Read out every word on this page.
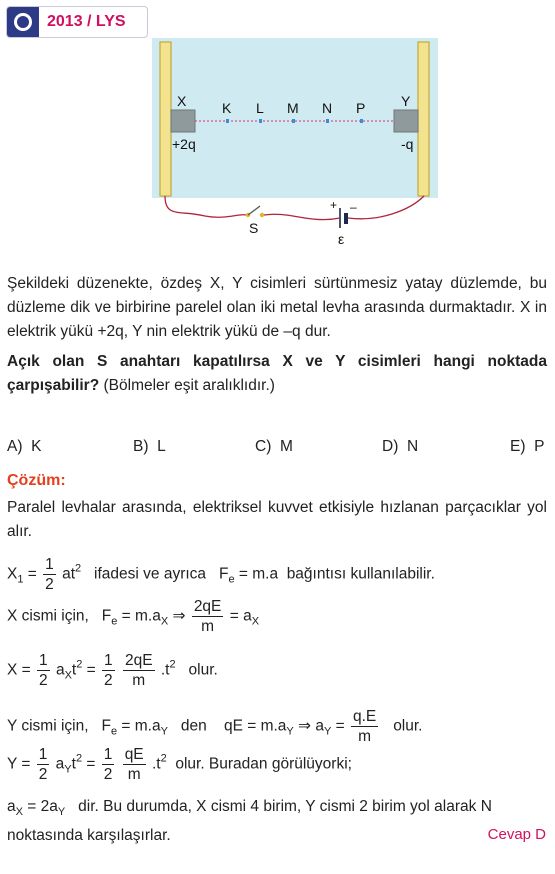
2013 / LYS
X	Y
K L M N P
+2q	-q
S
ε
+ –
Şekildeki düzenekte, özdeş X, Y cisimleri sürtünmesiz yatay düzlemde, bu düzleme dik ve birbirine parelel olan iki metal levha arasında durmaktadır. X in elektrik yükü +2q, Y nin elektrik yükü de –q dur.
Açık olan S anahtarı kapatılırsa X ve Y cisimleri hangi noktada çarpışabilir? (Bölmeler eşit aralıklıdır.)
A) K	B) L	C) M	D) N	E) P
Çözüm:
Paralel levhalar arasında, elektriksel kuvvet etkisiyle hızlanan parçacıklar yol alır.
$X_1 = \frac{1}{2} at^2$ ifadesi ve ayrıca   $F_e = m.a$  bağıntısı kullanılabilir.
X cismi için,   $F_e = m.a_X$ ⇒ $\frac{2qE}{m} = a_X$
$X = \frac{1}{2} a_Xt^2 = \frac{1}{2}$
$\frac{2qE}{m} .t^2$ olur.
Y cismi için,   $F_e = m.a_Y$ den    qE = $m.a_Y$ ⇒ $a_Y = \frac{q.E}{m}$ olur.
$Y = \frac{1}{2} a_Yt^2 = \frac{1}{2}$
$\frac{qE}{m} .t^2$ olur. Buradan görülüyorki;
$a_X = 2a_Y$ dir. Bu durumda, X cismi 4 birim, Y cismi 2 birim yol alarak N noktasında karşılaşırlar.	Cevap D
